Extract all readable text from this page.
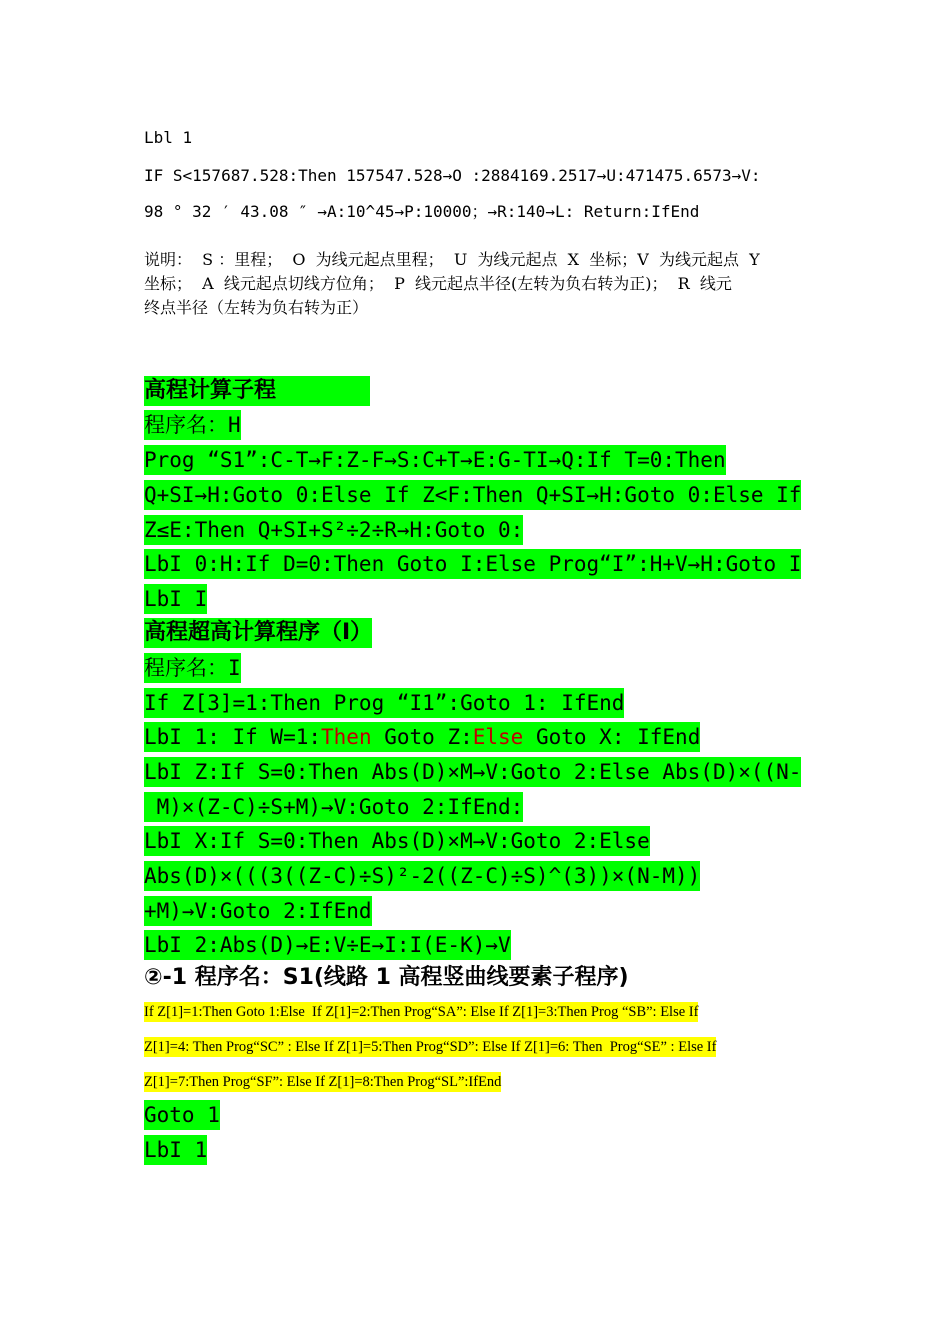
Lbl 1
IF S<157687.528:Then 157547.528→O :2884169.2517→U:471475.6573→V:
98 ° 32 ′ 43.08 ″ →A:10^45→P:10000；→R:140→L: Return:IfEnd
说明：  S ：里程；  O  为线元起点里程；  U  为线元起点  X  坐标；V  为线元起点  Y
坐标；  A  线元起点切线方位角；  P  线元起点半径(左转为负右转为正)；  R  线元
终点半径（左转为负右转为正）
高程计算子程
程序名：H
Prog “S1”:C-T→F:Z-F→S:C+T→E:G-TI→Q:If T=0:Then
Q+SI→H:Goto 0:Else If Z<F:Then Q+SI→H:Goto 0:Else If
Z≤E:Then Q+SI+S²÷2÷R→H:Goto 0:
LbI 0:H:If D=0:Then Goto I:Else Prog“I”:H+V→H:Goto I
LbI I
高程超高计算程序（I）
程序名：I
If Z[3]=1:Then Prog “I1”:Goto 1: IfEnd
LbI 1: If W=1:Then Goto Z:Else Goto X: IfEnd
LbI Z:If S=0:Then Abs(D)×M→V:Goto 2:Else Abs(D)×((N-
M)×(Z-C)÷S+M)→V:Goto 2:IfEnd:
LbI X:If S=0:Then Abs(D)×M→V:Goto 2:Else
Abs(D)×(((3((Z-C)÷S)²-2((Z-C)÷S)^(3))×(N-M))
+M)→V:Goto 2:IfEnd
LbI 2:Abs(D)→E:V÷E→I:I(E-K)→V
②-1 程序名：S1(线路 1 高程竖曲线要素子程序)
If Z[1]=1:Then Goto 1:Else  If Z[1]=2:Then Prog“SA”: Else If Z[1]=3:Then Prog “SB”: Else If
Z[1]=4: Then Prog“SC” : Else If Z[1]=5:Then Prog“SD”: Else If Z[1]=6: Then  Prog“SE” : Else If
Z[1]=7:Then Prog“SF”: Else If Z[1]=8:Then Prog“SL”:IfEnd
Goto 1
LbI 1
